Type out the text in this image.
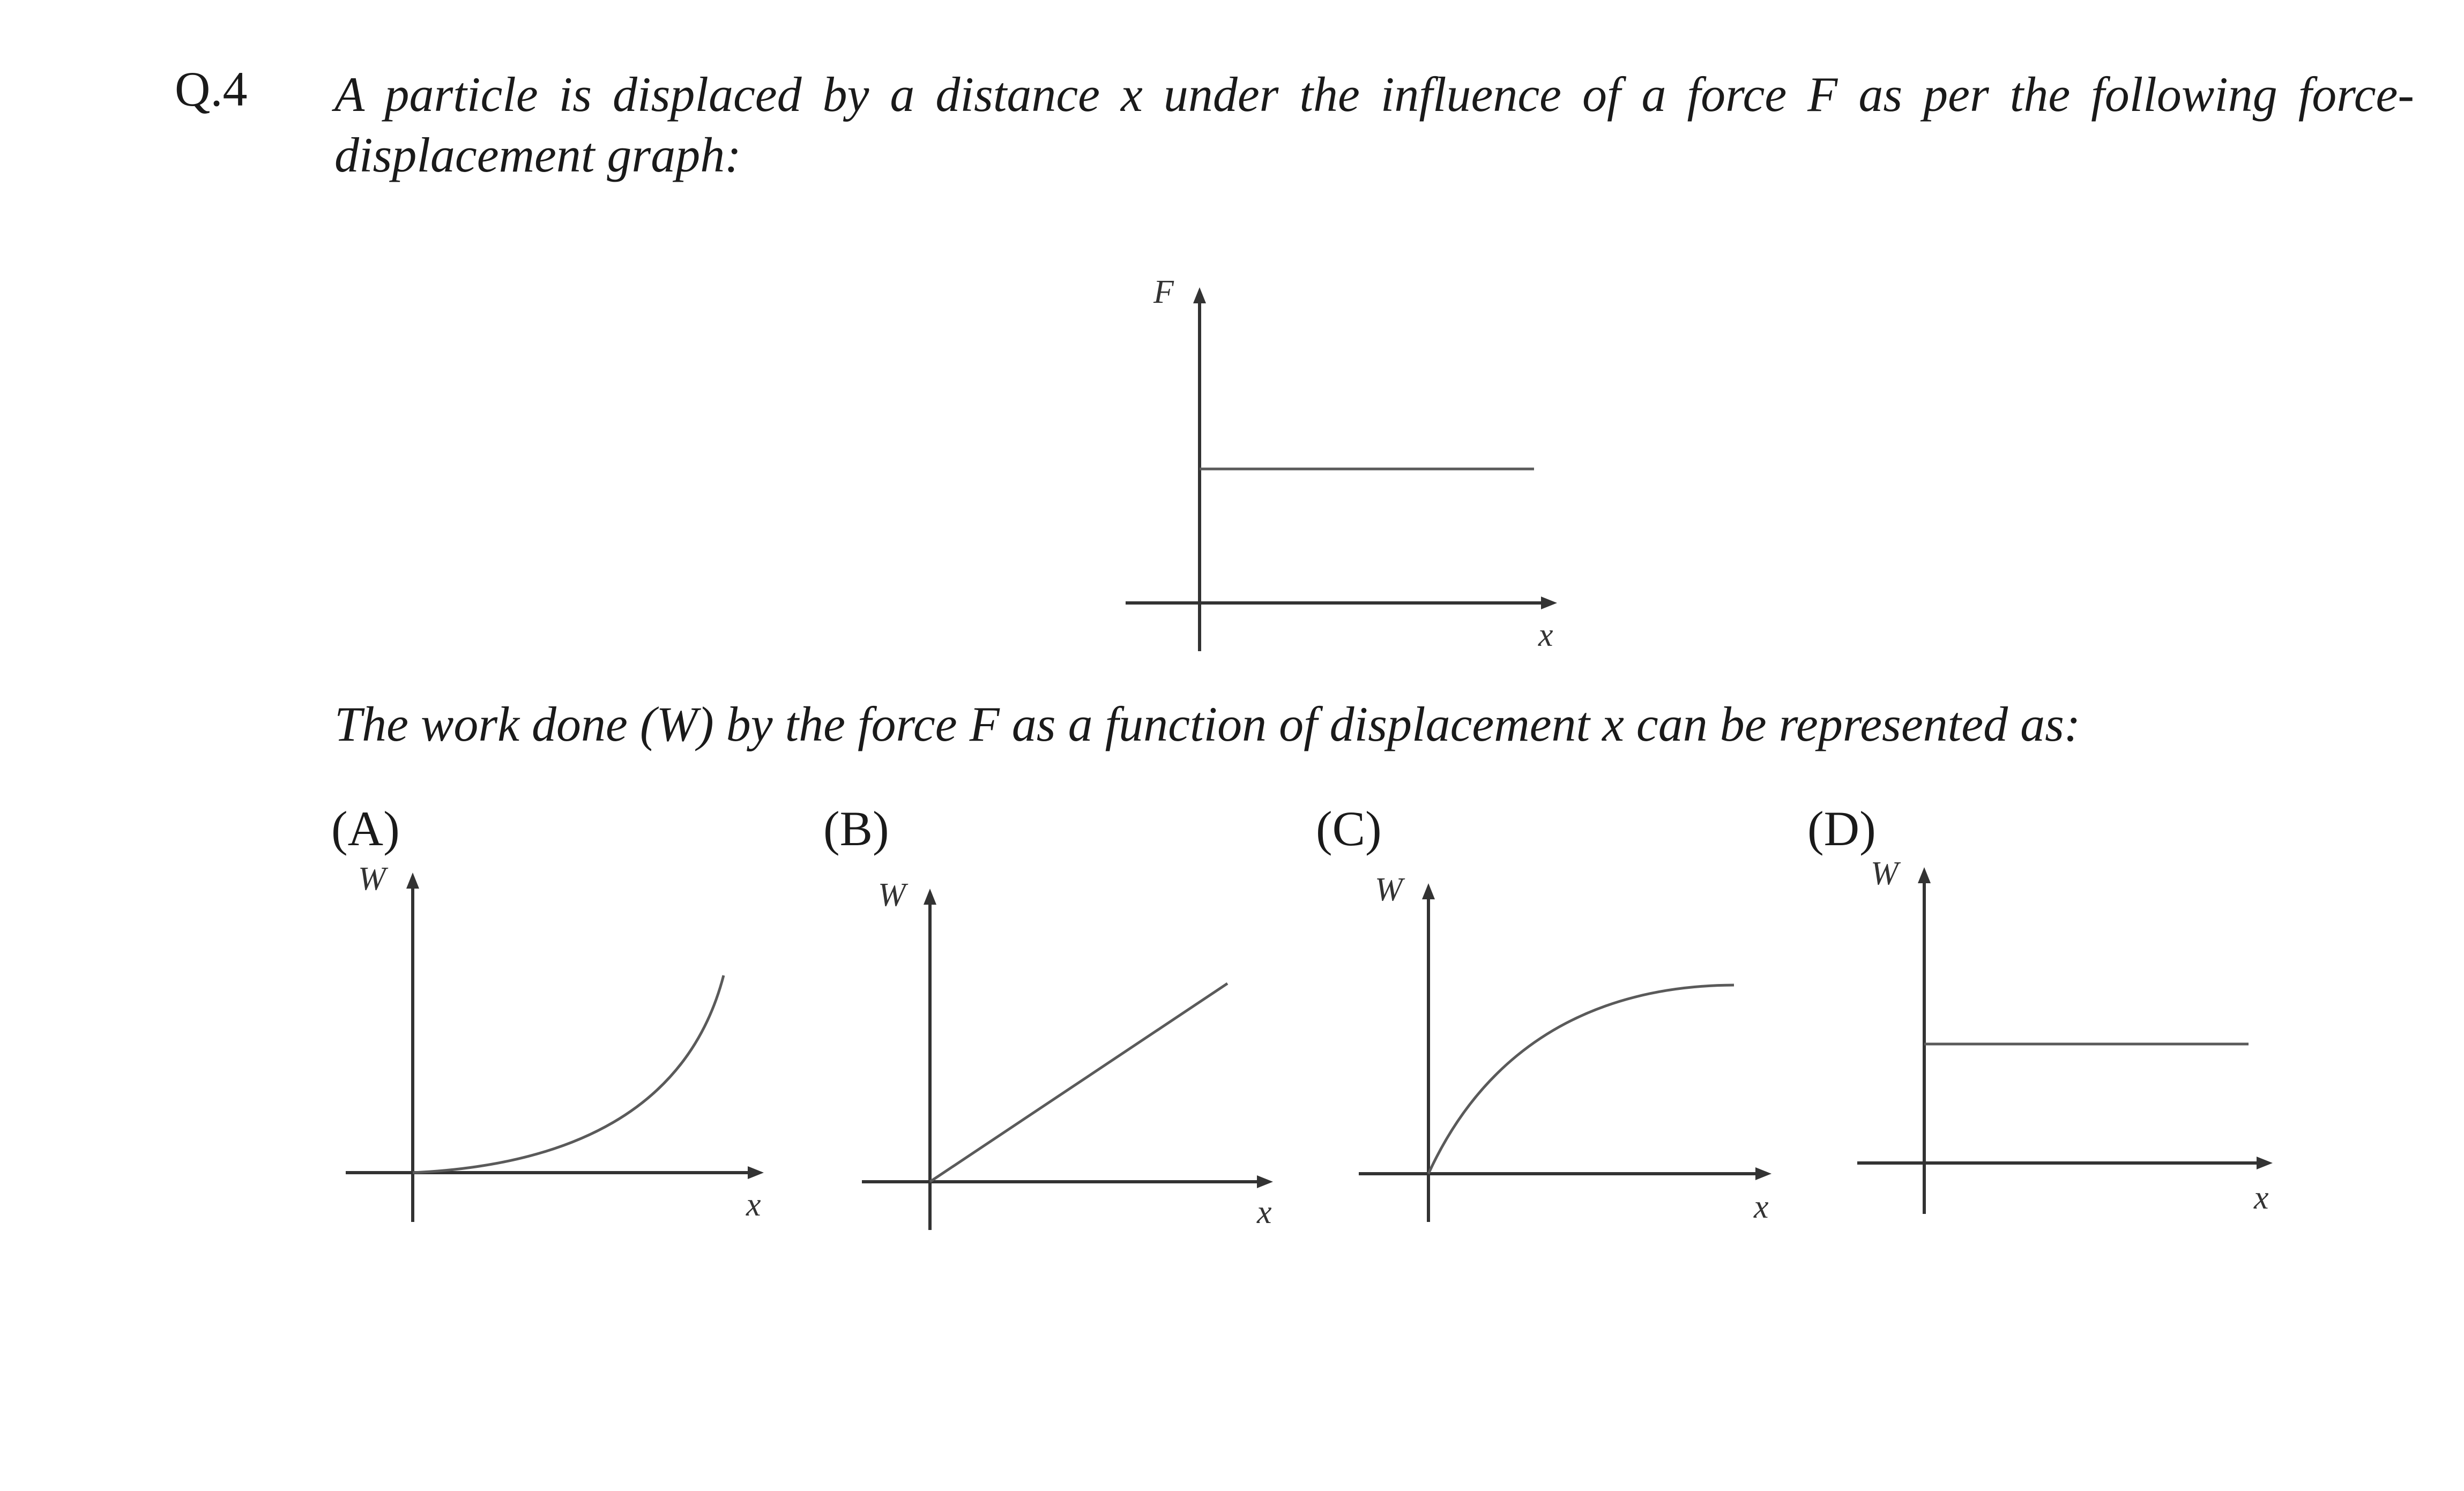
Q.4 A particle is displaced by a distance x under the influence of a force F as per the following force-displacement graph:
The work done (W) by the force F as a function of displacement x can be represented as:
(A)	(B)	(C)	(D)
F
x
W
x
W
x
W
x
W
x
